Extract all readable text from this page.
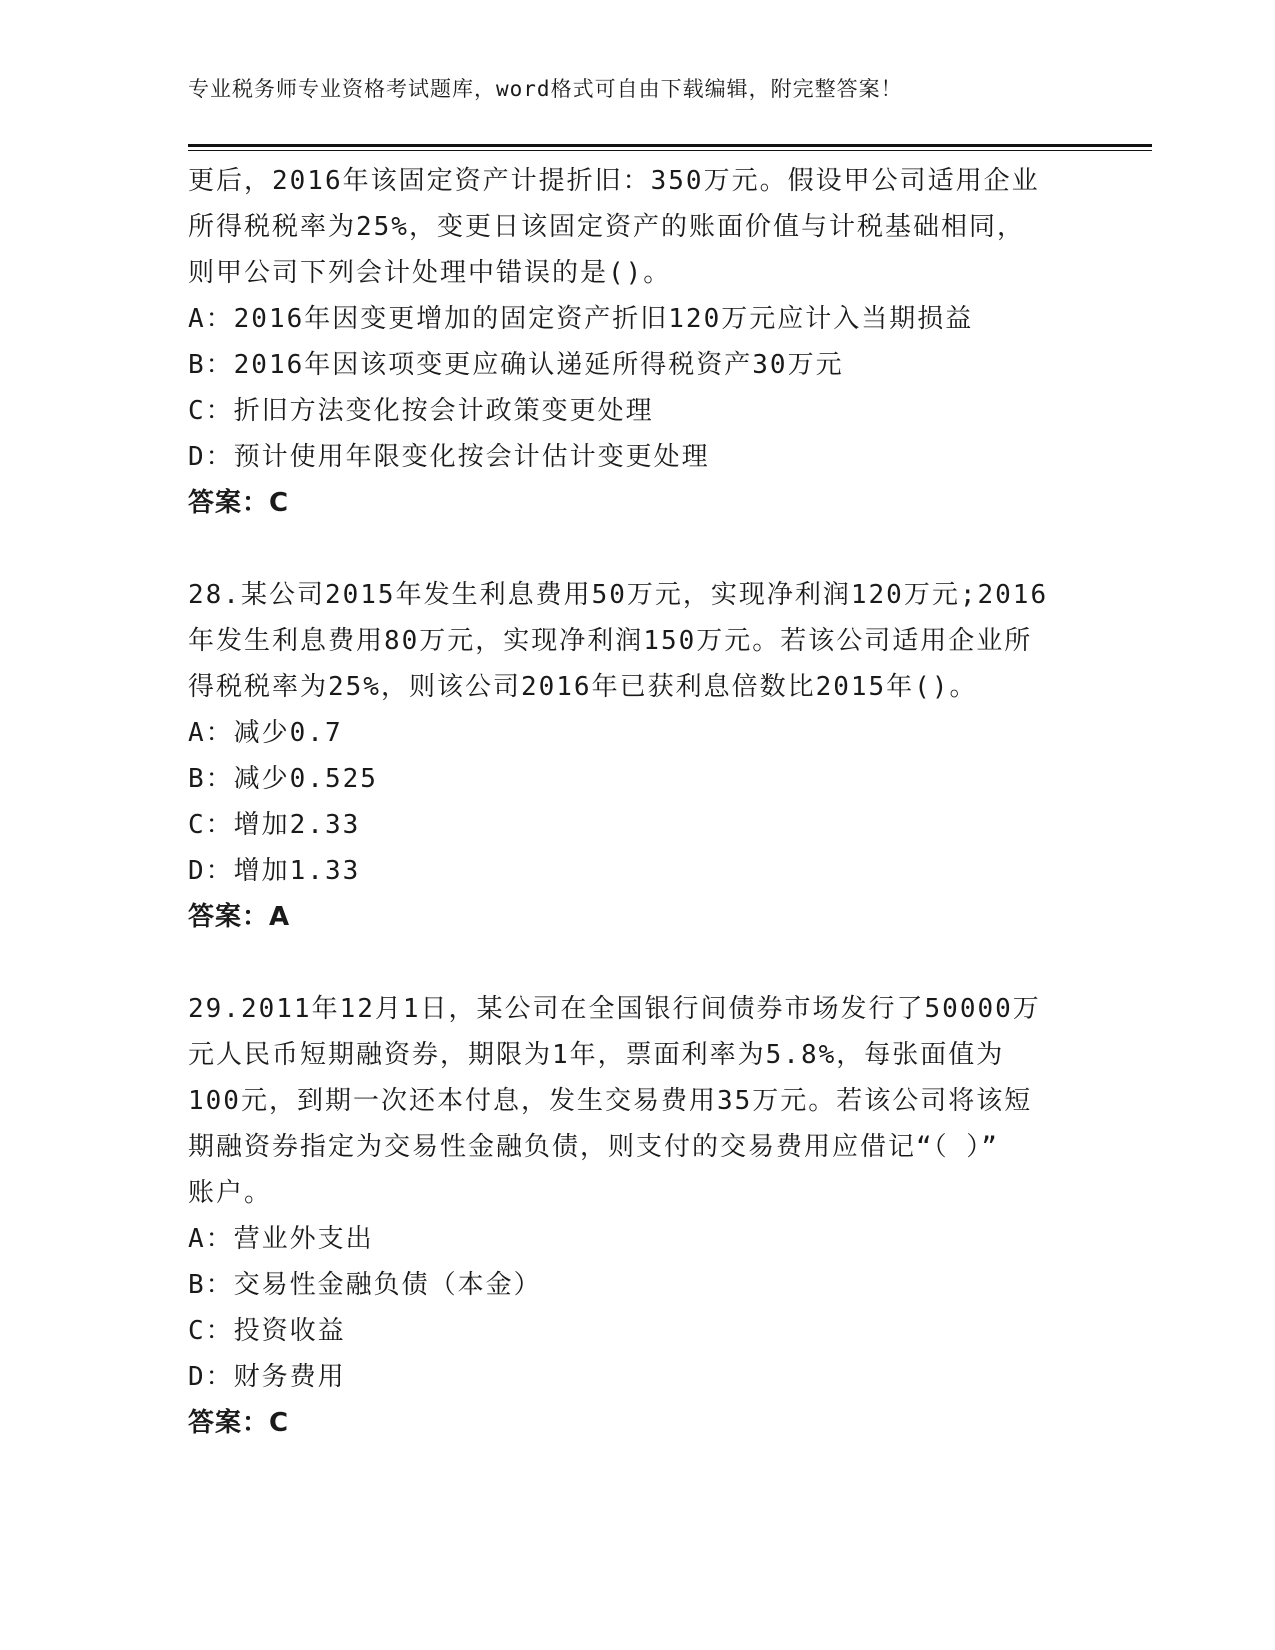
专业税务师专业资格考试题库，word格式可自由下载编辑，附完整答案！
更后，2016年该固定资产计提折旧：350万元。假设甲公司适用企业
所得税税率为25%，变更日该固定资产的账面价值与计税基础相同，
则甲公司下列会计处理中错误的是()。
A：2016年因变更增加的固定资产折旧120万元应计入当期损益
B：2016年因该项变更应确认递延所得税资产30万元
C：折旧方法变化按会计政策变更处理
D：预计使用年限变化按会计估计变更处理
答案：C
28.某公司2015年发生利息费用50万元，实现净利润120万元;2016
年发生利息费用80万元，实现净利润150万元。若该公司适用企业所
得税税率为25%，则该公司2016年已获利息倍数比2015年()。
A：减少0.7
B：减少0.525
C：增加2.33
D：增加1.33
答案：A
29.2011年12月1日，某公司在全国银行间债券市场发行了50000万
元人民币短期融资券，期限为1年，票面利率为5.8%，每张面值为
100元，到期一次还本付息，发生交易费用35万元。若该公司将该短
期融资券指定为交易性金融负债，则支付的交易费用应借记“（ ）”
账户。
A：营业外支出
B：交易性金融负债（本金）
C：投资收益
D：财务费用
答案：C
